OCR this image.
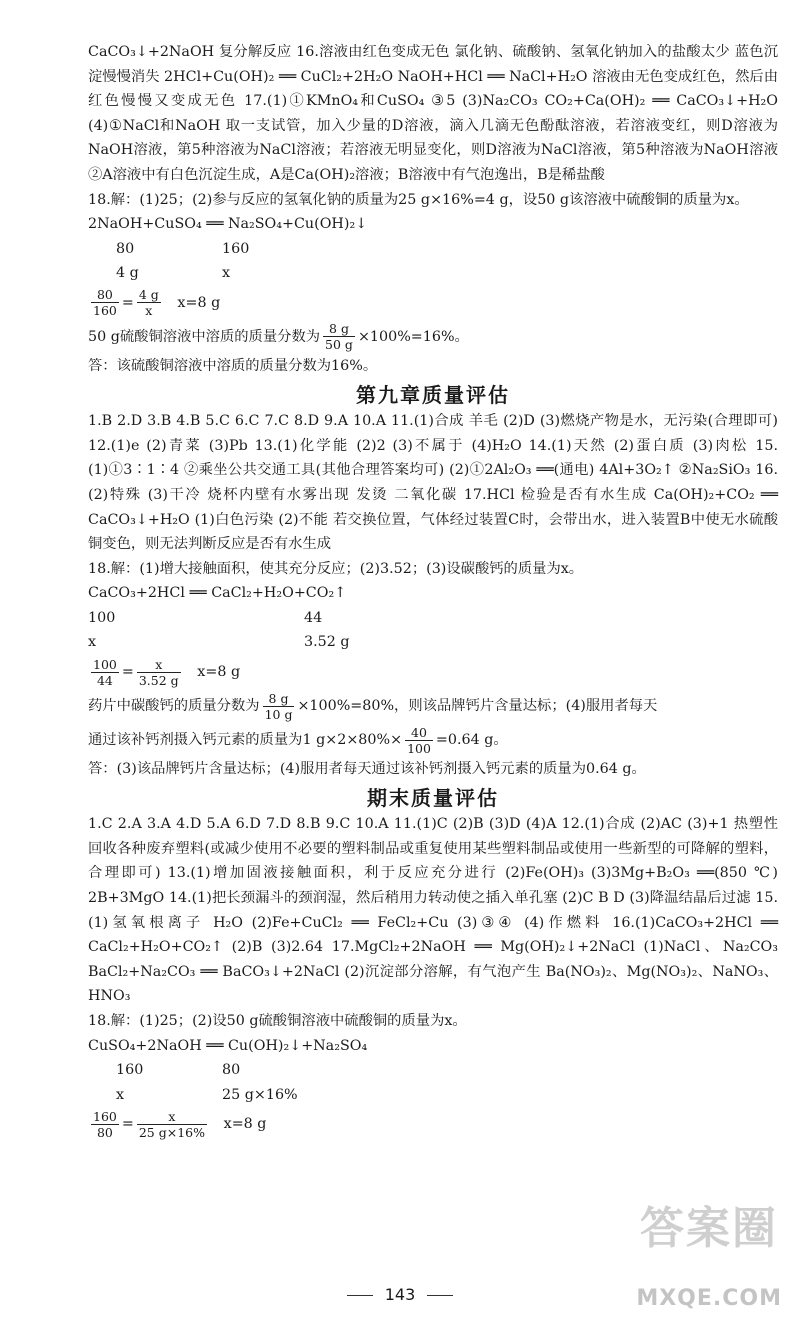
CaCO₃↓+2NaOH 复分解反应 16.溶液由红色变成无色 氯化钠、硫酸钠、氢氧化钠加入的盐酸太少 蓝色沉淀慢慢消失 2HCl+Cu(OH)₂ ══ CuCl₂+2H₂O NaOH+HCl ══ NaCl+H₂O 溶液由无色变成红色，然后由红色慢慢又变成无色 17.(1)①KMnO₄和CuSO₄ ③5 (3)Na₂CO₃ CO₂+Ca(OH)₂ ══ CaCO₃↓+H₂O (4)①NaCl和NaOH 取一支试管，加入少量的D溶液，滴入几滴无色酚酞溶液，若溶液变红，则D溶液为NaOH溶液，第5种溶液为NaCl溶液；若溶液无明显变化，则D溶液为NaCl溶液，第5种溶液为NaOH溶液 ②A溶液中有白色沉淀生成，A是Ca(OH)₂溶液；B溶液中有气泡逸出，B是稀盐酸

18.解：(1)25；(2)参与反应的氢氧化钠的质量为25 g×16%=4 g，设50 g该溶液中硫酸铜的质量为x。

2NaOH+CuSO₄ ══ Na₂SO₄+Cu(OH)₂↓
80	160
4 g	x
$\frac{80}{160} = \frac{4 g}{x}$
x=8 g
50 g硫酸铜溶液中溶质的质量分数为 $\frac{8 g}{50 g} \times 100\%=16\%$。

答：该硫酸铜溶液中溶质的质量分数为16%。

第九章质量评估

1.B 2.D 3.B 4.B 5.C 6.C 7.C 8.D 9.A 10.A 11.(1)合成 羊毛 (2)D (3)燃烧产物是水，无污染(合理即可) 12.(1)e (2)青菜 (3)Pb 13.(1)化学能 (2)2 (3)不属于 (4)H₂O 14.(1)天然 (2)蛋白质 (3)肉松 15.(1)①3∶1∶4 ②乘坐公共交通工具(其他合理答案均可) (2)①2Al₂O₃ ══(通电) 4Al+3O₂↑ ②Na₂SiO₃ 16.(2)特殊 (3)干冷 烧杯内壁有水雾出现 发烫 二氧化碳 17.HCl 检验是否有水生成 Ca(OH)₂+CO₂ ══ CaCO₃↓+H₂O (1)白色污染 (2)不能 若交换位置，气体经过装置C时，会带出水，进入装置B中使无水硫酸铜变色，则无法判断反应是否有水生成

18.解：(1)增大接触面积，使其充分反应；(2)3.52；(3)设碳酸钙的质量为x。

CaCO₃+2HCl ══ CaCl₂+H₂O+CO₂↑
100	44
x	3.52 g
$\frac{100}{44} = \frac{x}{3.52 g}$
x=8 g
药片中碳酸钙的质量分数为 $\frac{8 g}{10 g} \times 100\%=80\%$，则该品牌钙片含量达标；(4)服用者每天
通过该补钙剂摄入钙元素的质量为1 $g\times 2\times 80\%\times \frac{40}{100} =0.64$ g。

答：(3)该品牌钙片含量达标；(4)服用者每天通过该补钙剂摄入钙元素的质量为0.64 g。

期末质量评估

1.C 2.A 3.A 4.D 5.A 6.D 7.D 8.B 9.C 10.A 11.(1)C (2)B (3)D (4)A 12.(1)合成 (2)AC (3)+1 热塑性 回收各种废弃塑料(或减少使用不必要的塑料制品或重复使用某些塑料制品或使用一些新型的可降解的塑料，合理即可) 13.(1)增加固液接触面积，利于反应充分进行 (2)Fe(OH)₃ (3)3Mg+B₂O₃ ══(850 ℃) 2B+3MgO 14.(1)把长颈漏斗的颈润湿，然后稍用力转动使之插入单孔塞 (2)C B D (3)降温结晶后过滤 15.(1)氢氧根离子 H₂O (2)Fe+CuCl₂ ══ FeCl₂+Cu (3)③④ (4)作燃料 16.(1)CaCO₃+2HCl ══ CaCl₂+H₂O+CO₂↑ (2)B (3)2.64 17.MgCl₂+2NaOH ══ Mg(OH)₂↓+2NaCl (1)NaCl、Na₂CO₃ BaCl₂+Na₂CO₃ ══ BaCO₃↓+2NaCl (2)沉淀部分溶解，有气泡产生 Ba(NO₃)₂、Mg(NO₃)₂、NaNO₃、HNO₃

18.解：(1)25；(2)设50 g硫酸铜溶液中硫酸铜的质量为x。

CuSO₄+2NaOH ══ Cu(OH)₂↓+Na₂SO₄
160	80
x	25 g×16%
$\frac{160}{80} = \frac{x}{25 g\times 16\%}$
x=8 g
143
答案圈
MXQE.COM
